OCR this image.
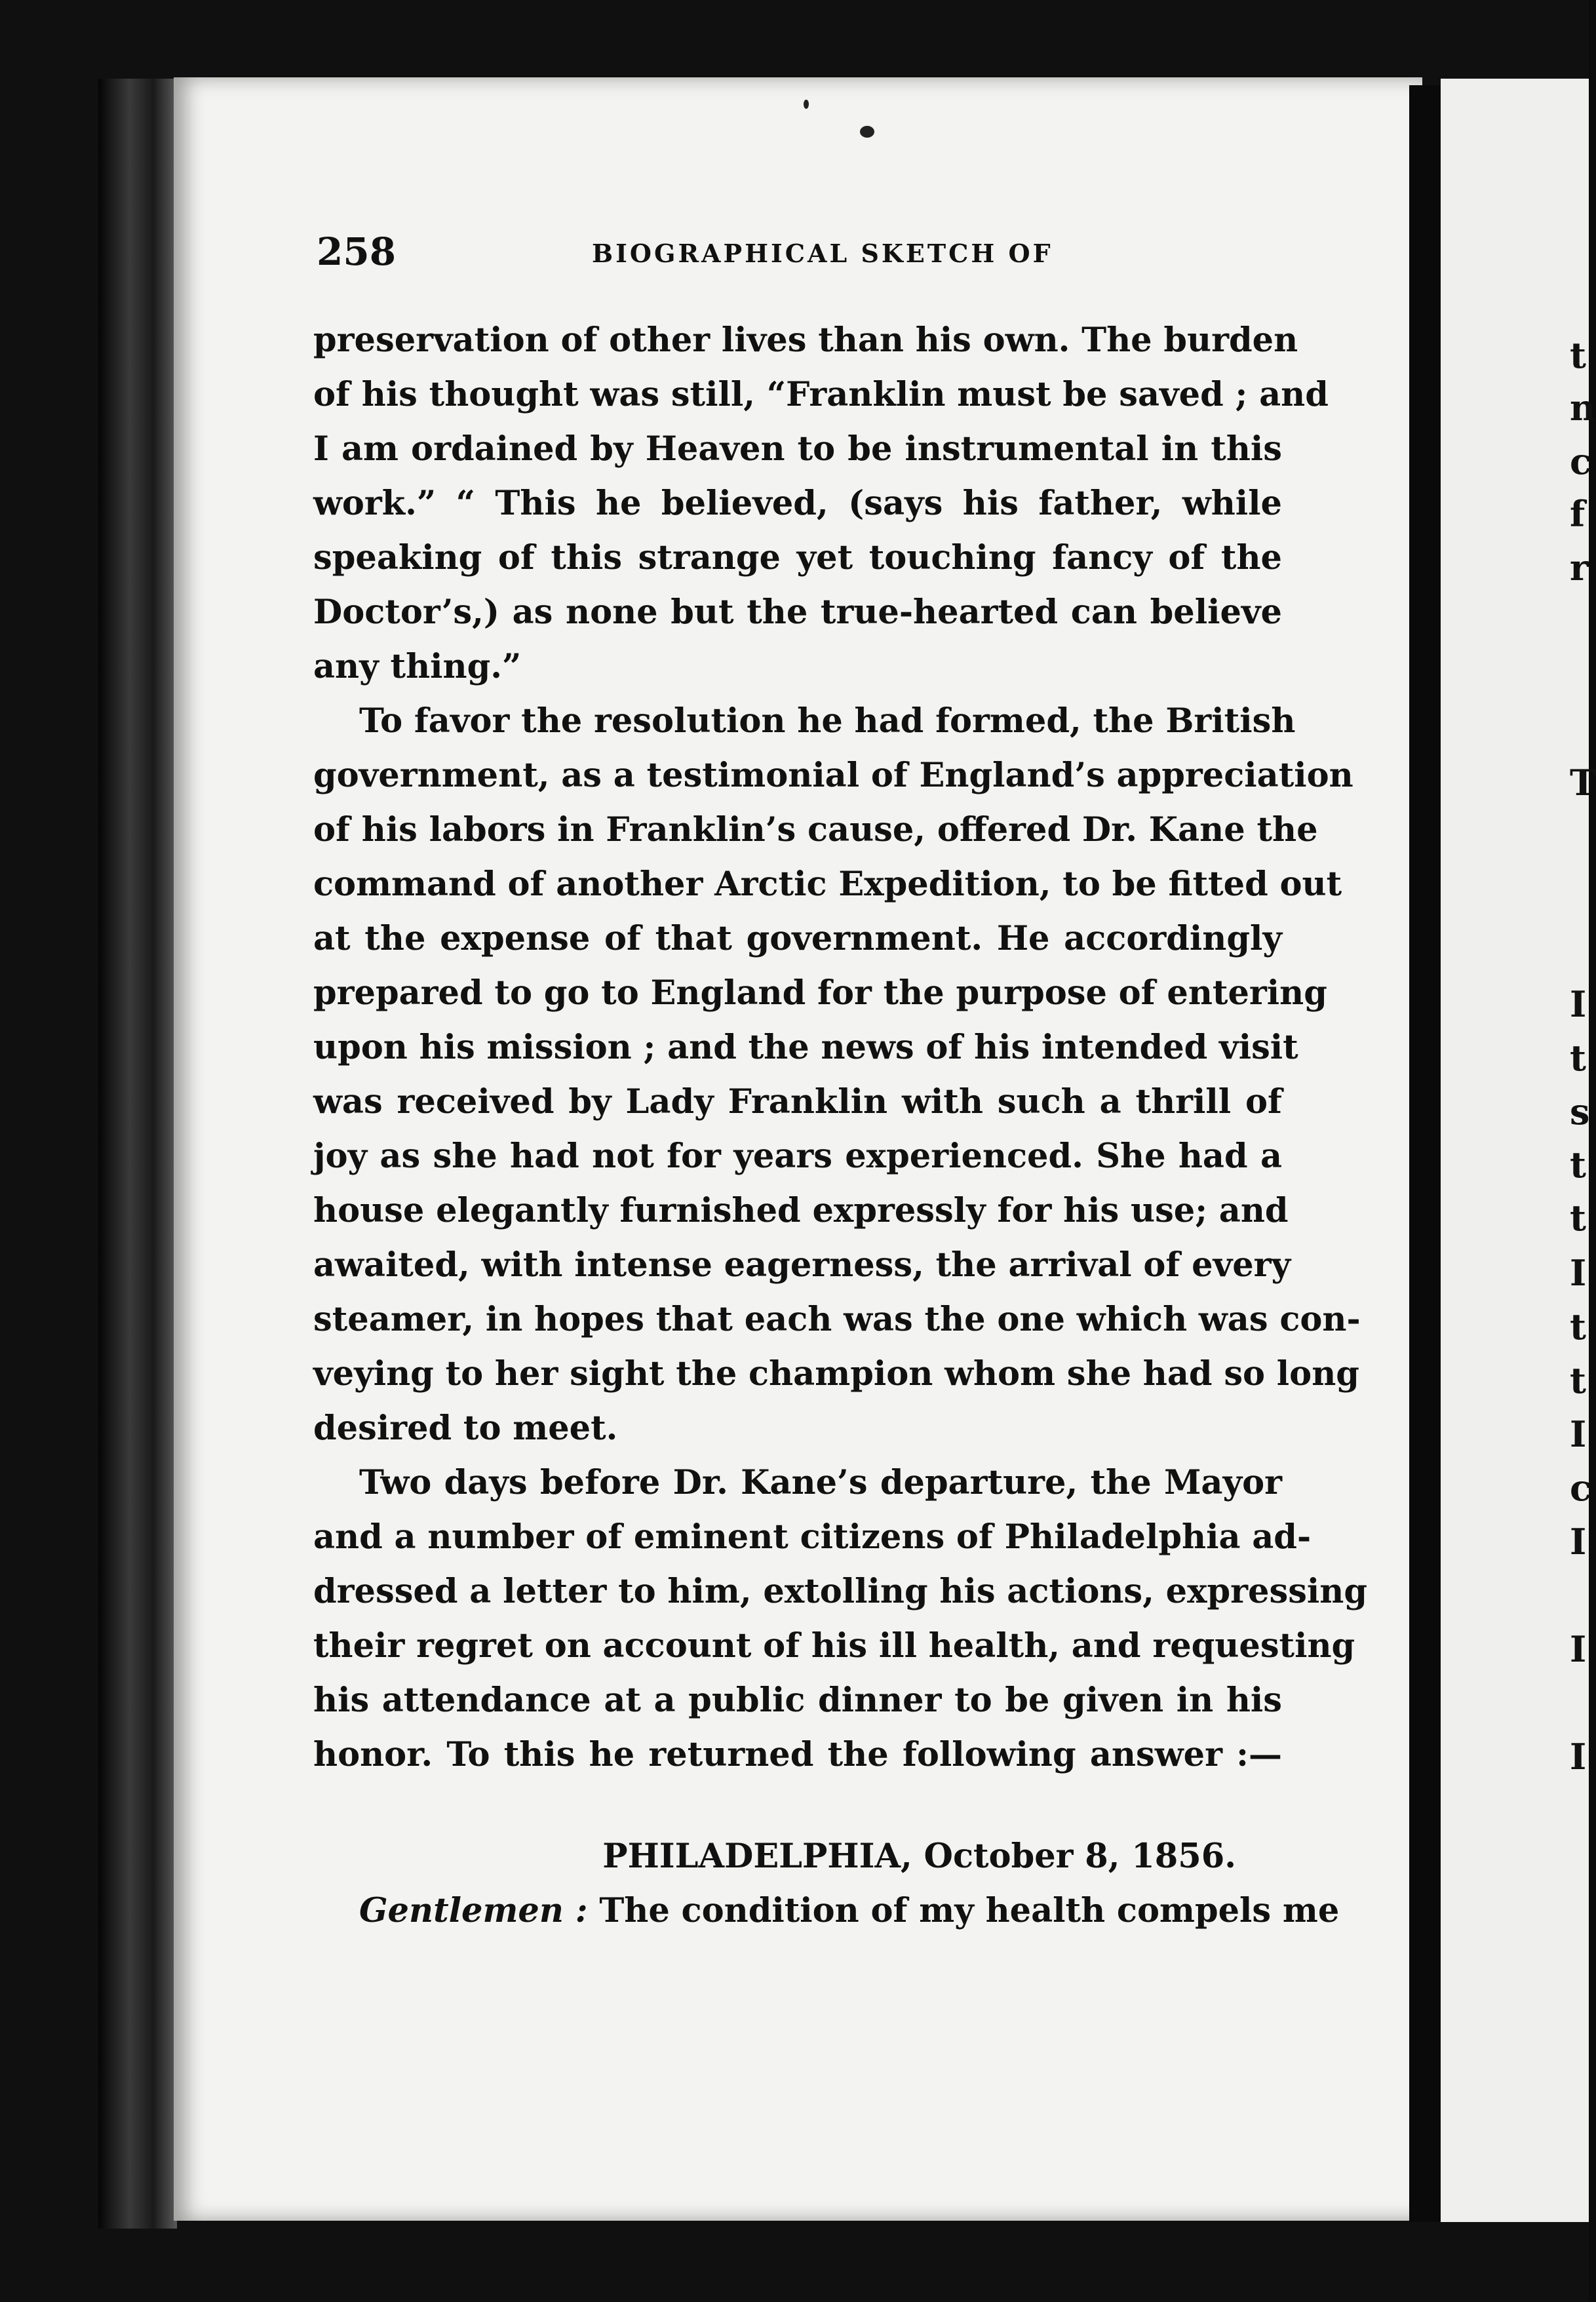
t
n
c
f
r
T
I
t
s
t
t
I
t
t
I
c
I
I
I
258	BIOGRAPHICAL SKETCH OF
preservation of other lives than his own. The burden
of his thought was still, “Franklin must be saved ; and
I am ordained by Heaven to be instrumental in this
work.” “ This he believed, (says his father, while
speaking of this strange yet touching fancy of the
Doctor’s,) as none but the true-hearted can believe
any thing.”
To favor the resolution he had formed, the British
government, as a testimonial of England’s appreciation
of his labors in Franklin’s cause, offered Dr. Kane the
command of another Arctic Expedition, to be fitted out
at the expense of that government. He accordingly
prepared to go to England for the purpose of entering
upon his mission ; and the news of his intended visit
was received by Lady Franklin with such a thrill of
joy as she had not for years experienced. She had a
house elegantly furnished expressly for his use; and
awaited, with intense eagerness, the arrival of every
steamer, in hopes that each was the one which was con-
veying to her sight the champion whom she had so long
desired to meet.
Two days before Dr. Kane’s departure, the Mayor
and a number of eminent citizens of Philadelphia ad-
dressed a letter to him, extolling his actions, expressing
their regret on account of his ill health, and requesting
his attendance at a public dinner to be given in his
honor. To this he returned the following answer :—
PHILADELPHIA, October 8, 1856.
Gentlemen : The condition of my health compels me
